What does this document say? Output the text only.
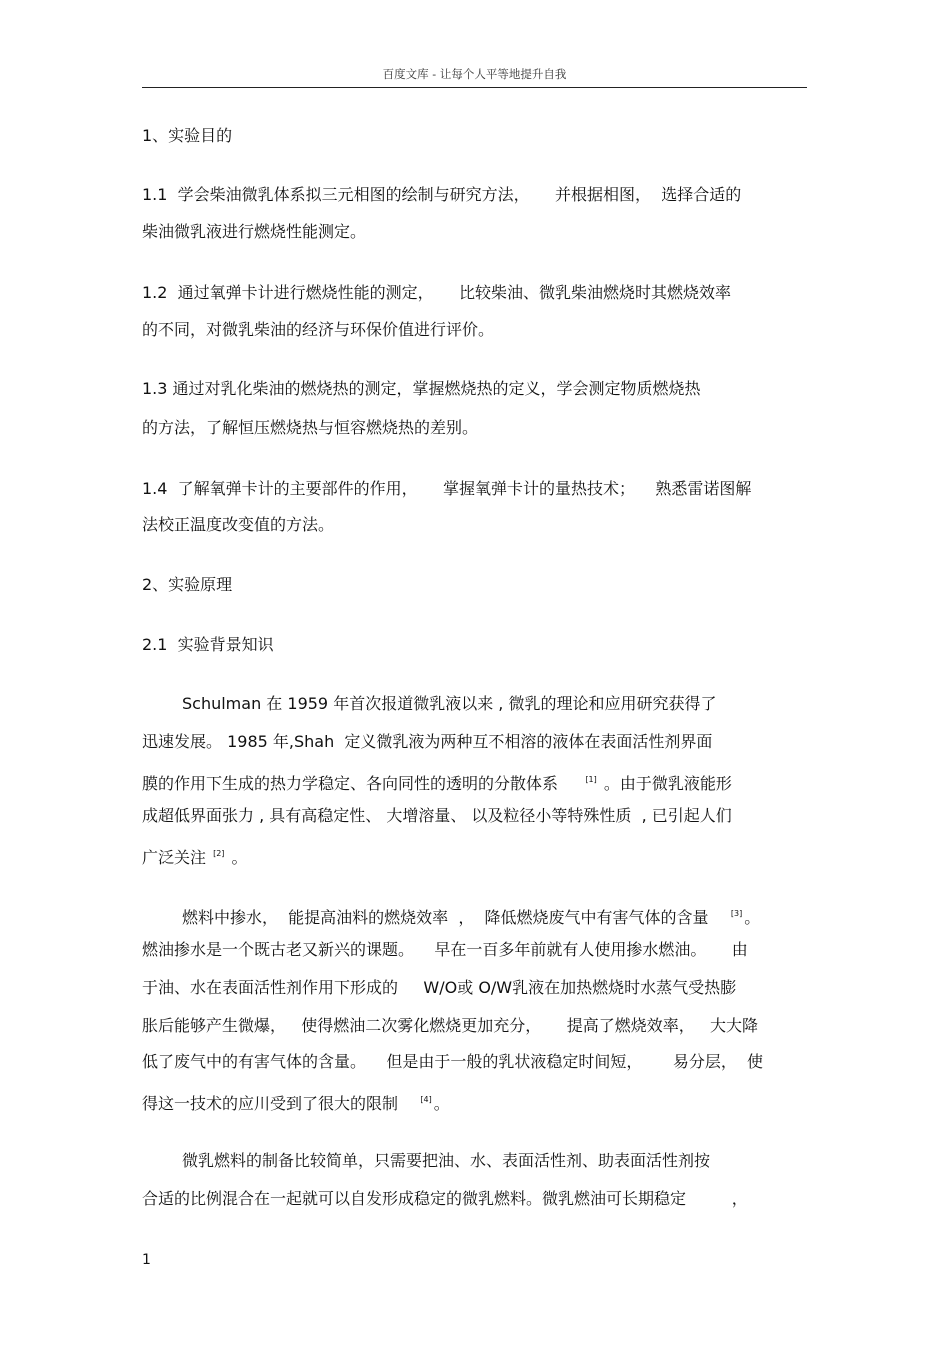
百度文库 - 让每个人平等地提升自我
1、实验目的
1.1  学会柴油微乳体系拟三元相图的绘制与研究方法，     并根据相图，  选择合适的
柴油微乳液进行燃烧性能测定。
1.2  通过氧弹卡计进行燃烧性能的测定，     比较柴油、微乳柴油燃烧时其燃烧效率
的不同，对微乳柴油的经济与环保价值进行评价。
1.3 通过对乳化柴油的燃烧热的测定，掌握燃烧热的定义，学会测定物质燃烧热
的方法，了解恒压燃烧热与恒容燃烧热的差别。
1.4  了解氧弹卡计的主要部件的作用，     掌握氧弹卡计的量热技术；    熟悉雷诺图解
法校正温度改变值的方法。
2、实验原理
2.1  实验背景知识
Schulman 在 1959 年首次报道微乳液以来 , 微乳的理论和应用研究获得了
迅速发展。 1985 年,Shah  定义微乳液为两种互不相溶的液体在表面活性剂界面
膜的作用下生成的热力学稳定、各向同性的透明的分散体系     [1] 。由于微乳液能形
成超低界面张力 , 具有高稳定性、 大增溶量、 以及粒径小等特殊性质  , 已引起人们
广泛关注 [2] 。
燃料中掺水，  能提高油料的燃烧效率  ，  降低燃烧废气中有害气体的含量    [3] 。
燃油掺水是一个既古老又新兴的课题。    早在一百多年前就有人使用掺水燃油。     由
于油、水在表面活性剂作用下形成的     W/O或 O/W乳液在加热燃烧时水蒸气受热膨
胀后能够产生微爆，   使得燃油二次雾化燃烧更加充分，     提高了燃烧效率，   大大降
低了废气中的有害气体的含量。    但是由于一般的乳状液稳定时间短，      易分层，  使
得这一技术的应川受到了很大的限制    [4] 。
微乳燃料的制备比较简单，只需要把油、水、表面活性剂、助表面活性剂按
合适的比例混合在一起就可以自发形成稳定的微乳燃料。微乳燃油可长期稳定         ，
1
